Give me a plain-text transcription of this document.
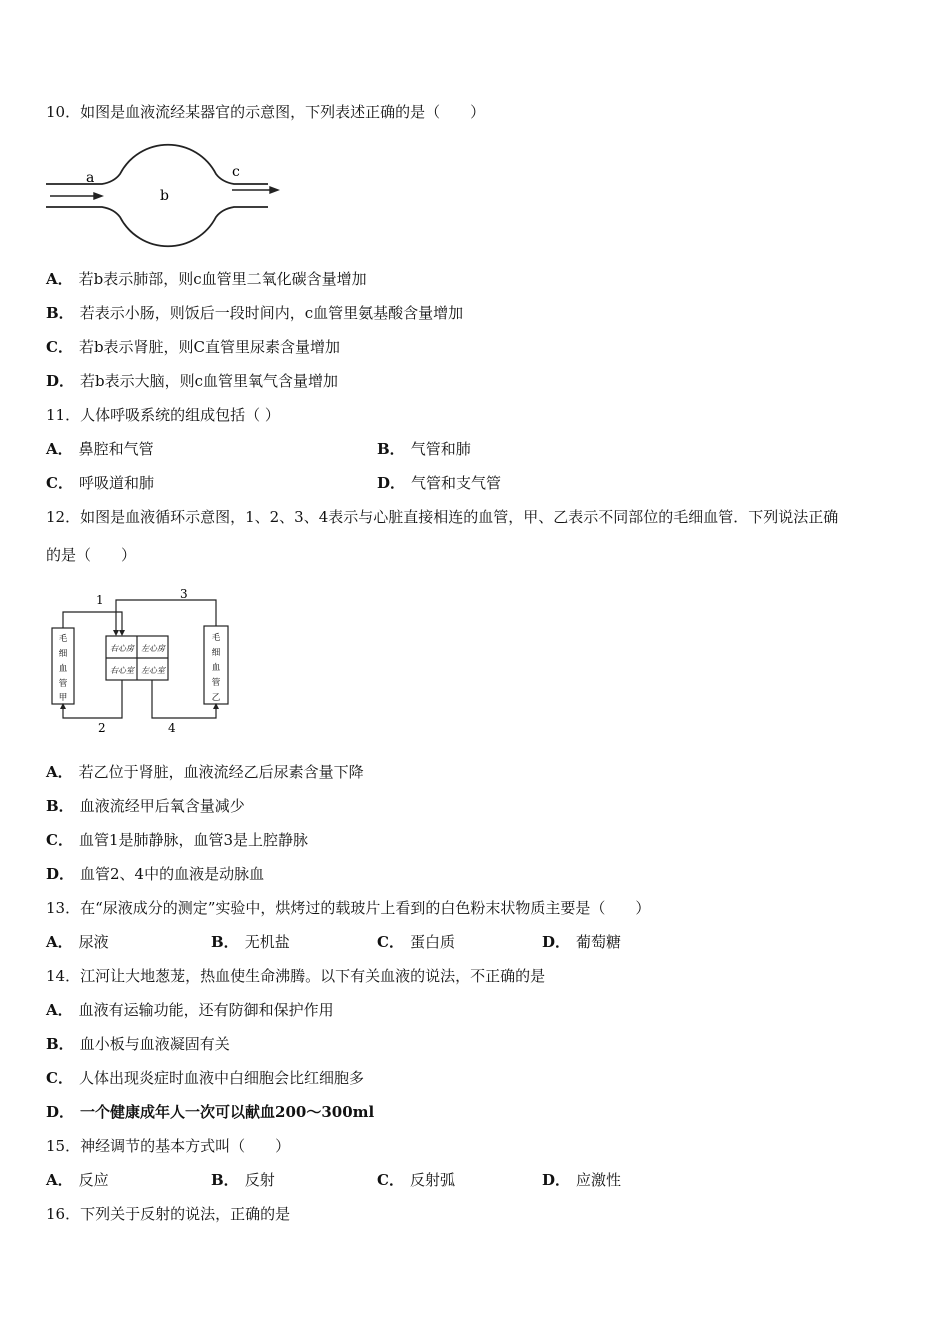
10．如图是血液流经某器官的示意图，下列表述正确的是（　　）
a
b
c
A． 若b表示肺部，则c血管里二氧化碳含量增加
B． 若表示小肠，则饭后一段时间内，c血管里氨基酸含量增加
C． 若b表示肾脏，则C直管里尿素含量增加
D． 若b表示大脑，则c血管里氧气含量增加
11．人体呼吸系统的组成包括（ ）
A． 鼻腔和气管	B． 气管和肺
C． 呼吸道和肺	D． 气管和支气管
12．如图是血液循环示意图，1、2、3、4表示与心脏直接相连的血管，甲、乙表示不同部位的毛细血管．下列说法正确
的是（　　）
1	3
2	4
毛
细
血
管
甲
毛
细
血
管
乙
右心房 左心房
右心室 左心室
A． 若乙位于肾脏，血液流经乙后尿素含量下降
B． 血液流经甲后氧含量减少
C． 血管1是肺静脉，血管3是上腔静脉
D． 血管2、4中的血液是动脉血
13．在“尿液成分的测定”实验中，烘烤过的载玻片上看到的白色粉末状物质主要是（　　）
A． 尿液	B． 无机盐	C． 蛋白质	D． 葡萄糖
14．江河让大地葱茏，热血使生命沸腾。以下有关血液的说法，不正确的是
A． 血液有运输功能，还有防御和保护作用
B． 血小板与血液凝固有关
C． 人体出现炎症时血液中白细胞会比红细胞多
D． 一个健康成年人一次可以献血200～300ml
15．神经调节的基本方式叫（　　）
A． 反应	B． 反射	C． 反射弧	D． 应激性
16．下列关于反射的说法，正确的是
